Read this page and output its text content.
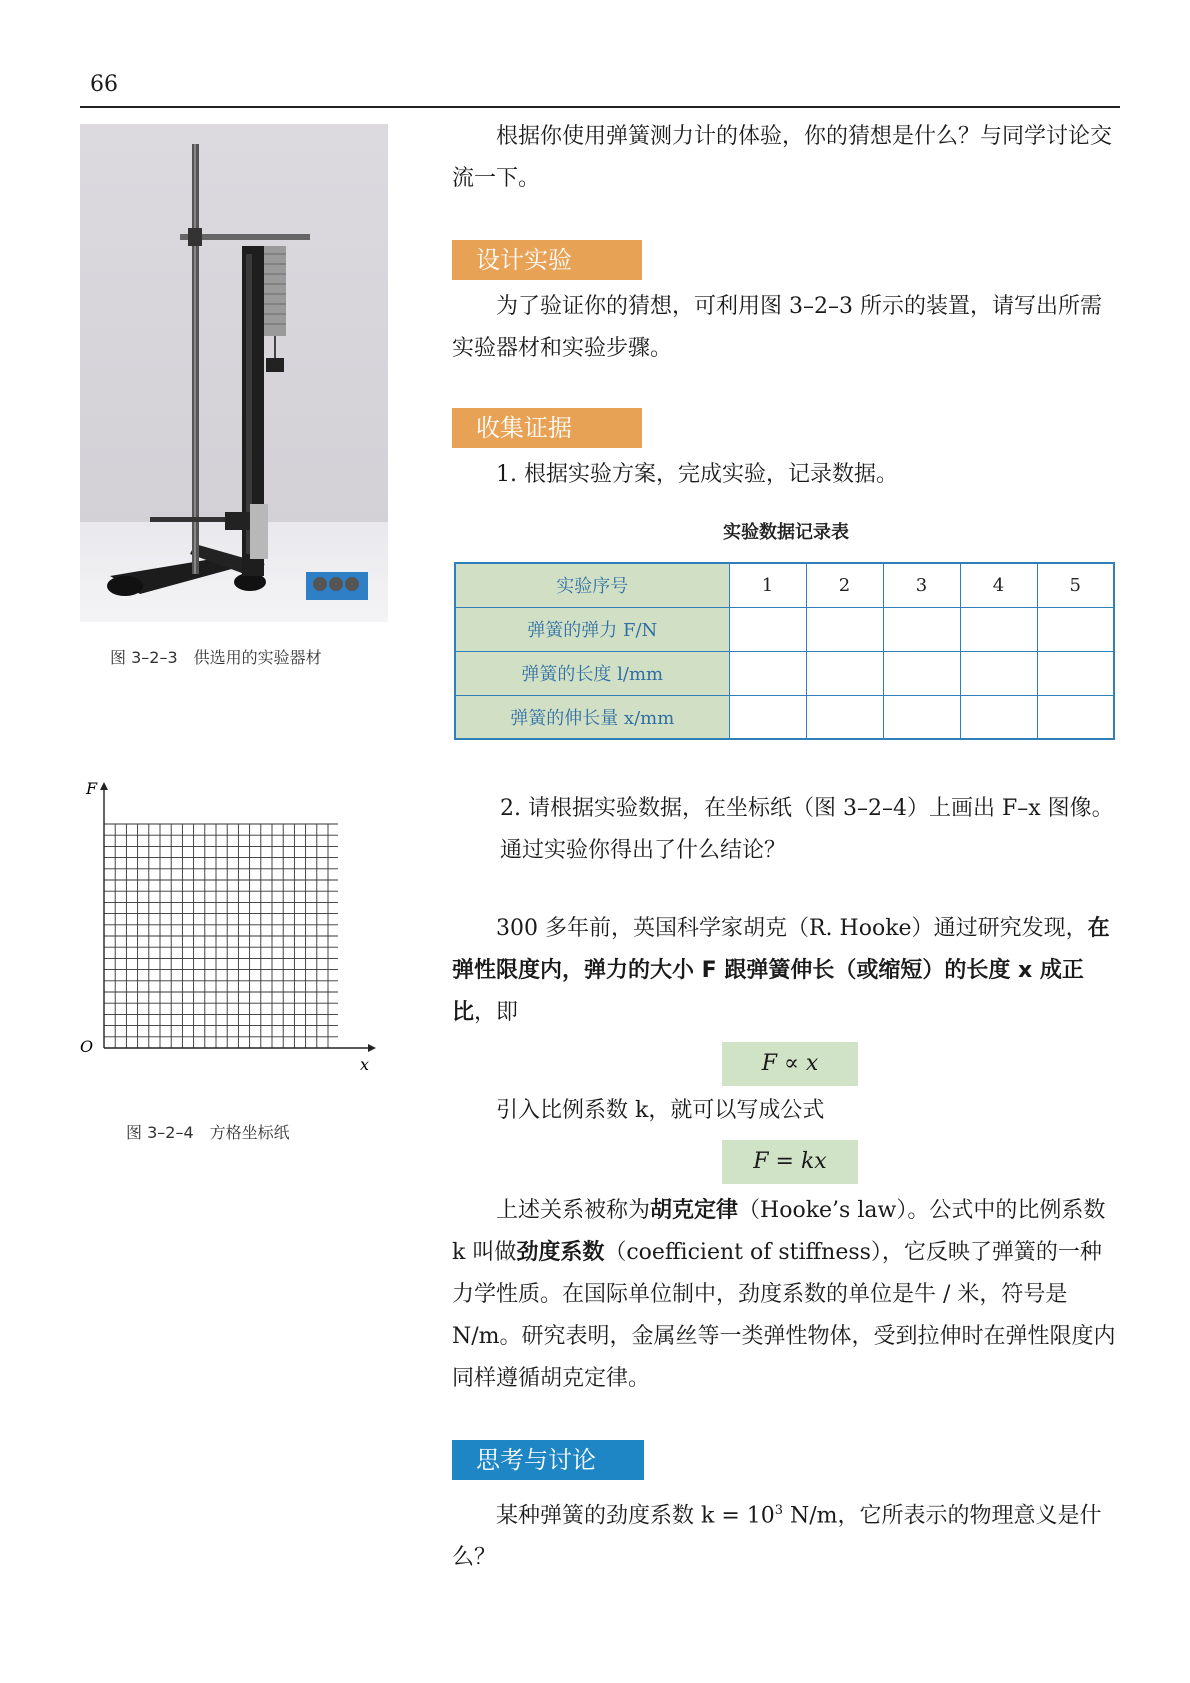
66
图 3–2–3　供选用的实验器材
F
O
x
图 3–2–4　方格坐标纸
根据你使用弹簧测力计的体验，你的猜想是什么？与同学讨论交流一下。
设计实验
为了验证你的猜想，可利用图 3–2–3 所示的装置，请写出所需实验器材和实验步骤。
收集证据
1. 根据实验方案，完成实验，记录数据。
实验数据记录表
实验序号	1	2	3	4	5
弹簧的弹力 F/N					
弹簧的长度 l/mm					
弹簧的伸长量 x/mm					
2. 请根据实验数据，在坐标纸（图 3–2–4）上画出 F–x 图像。通过实验你得出了什么结论？
300 多年前，英国科学家胡克（R. Hooke）通过研究发现，在弹性限度内，弹力的大小 F 跟弹簧伸长（或缩短）的长度 x 成正比，即
F ∝ x
引入比例系数 k，就可以写成公式
F = kx
上述关系被称为胡克定律（Hooke’s law）。公式中的比例系数 k 叫做劲度系数（coefficient of stiffness），它反映了弹簧的一种力学性质。在国际单位制中，劲度系数的单位是牛 / 米，符号是 N/m。研究表明，金属丝等一类弹性物体，受到拉伸时在弹性限度内同样遵循胡克定律。
思考与讨论
某种弹簧的劲度系数 $k = 10^3$ N/m，它所表示的物理意义是什么？
